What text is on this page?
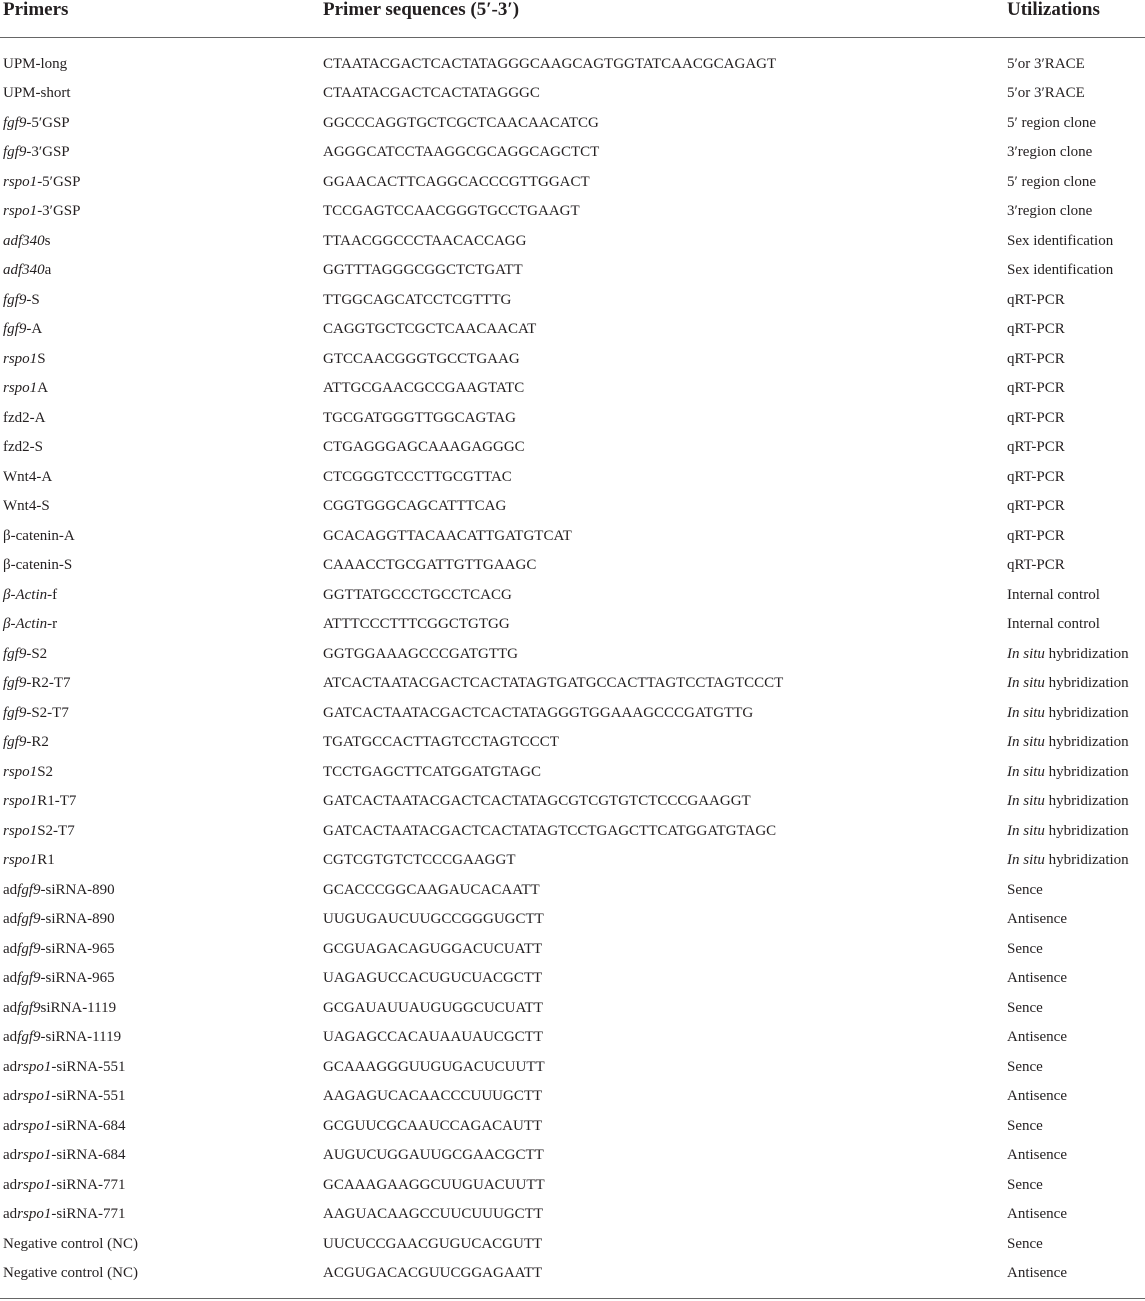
Primers	Primer sequences (5′-3′)	Utilizations
UPM-long	CTAATACGACTCACTATAGGGCAAGCAGTGGTATCAACGCAGAGT	5′or 3′RACE
UPM-short	CTAATACGACTCACTATAGGGC	5′or 3′RACE
fgf9-5′GSP	GGCCCAGGTGCTCGCTCAACAACATCG	5′ region clone
fgf9-3′GSP	AGGGCATCCTAAGGCGCAGGCAGCTCT	3′region clone
rspo1-5′GSP	GGAACACTTCAGGCACCCGTTGGACT	5′ region clone
rspo1-3′GSP	TCCGAGTCCAACGGGTGCCTGAAGT	3′region clone
adf340s	TTAACGGCCCTAACACCAGG	Sex identification
adf340a	GGTTTAGGGCGGCTCTGATT	Sex identification
fgf9-S	TTGGCAGCATCCTCGTTTG	qRT-PCR
fgf9-A	CAGGTGCTCGCTCAACAACAT	qRT-PCR
rspo1S	GTCCAACGGGTGCCTGAAG	qRT-PCR
rspo1A	ATTGCGAACGCCGAAGTATC	qRT-PCR
fzd2-A	TGCGATGGGTTGGCAGTAG	qRT-PCR
fzd2-S	CTGAGGGAGCAAAGAGGGC	qRT-PCR
Wnt4-A	CTCGGGTCCCTTGCGTTAC	qRT-PCR
Wnt4-S	CGGTGGGCAGCATTTCAG	qRT-PCR
β-catenin-A	GCACAGGTTACAACATTGATGTCAT	qRT-PCR
β-catenin-S	CAAACCTGCGATTGTTGAAGC	qRT-PCR
β-Actin-f	GGTTATGCCCTGCCTCACG	Internal control
β-Actin-r	ATTTCCCTTTCGGCTGTGG	Internal control
fgf9-S2	GGTGGAAAGCCCGATGTTG	In situ hybridization
fgf9-R2-T7	ATCACTAATACGACTCACTATAGTGATGCCACTTAGTCCTAGTCCCT	In situ hybridization
fgf9-S2-T7	GATCACTAATACGACTCACTATAGGGTGGAAAGCCCGATGTTG	In situ hybridization
fgf9-R2	TGATGCCACTTAGTCCTAGTCCCT	In situ hybridization
rspo1S2	TCCTGAGCTTCATGGATGTAGC	In situ hybridization
rspo1R1-T7	GATCACTAATACGACTCACTATAGCGTCGTGTCTCCCGAAGGT	In situ hybridization
rspo1S2-T7	GATCACTAATACGACTCACTATAGTCCTGAGCTTCATGGATGTAGC	In situ hybridization
rspo1R1	CGTCGTGTCTCCCGAAGGT	In situ hybridization
adfgf9-siRNA-890	GCACCCGGCAAGAUCACAATT	Sence
adfgf9-siRNA-890	UUGUGAUCUUGCCGGGUGCTT	Antisence
adfgf9-siRNA-965	GCGUAGACAGUGGACUCUATT	Sence
adfgf9-siRNA-965	UAGAGUCCACUGUCUACGCTT	Antisence
adfgf9siRNA-1119	GCGAUAUUAUGUGGCUCUATT	Sence
adfgf9-siRNA-1119	UAGAGCCACAUAAUAUCGCTT	Antisence
adrspo1-siRNA-551	GCAAAGGGUUGUGACUCUUTT	Sence
adrspo1-siRNA-551	AAGAGUCACAACCCUUUGCTT	Antisence
adrspo1-siRNA-684	GCGUUCGCAAUCCAGACAUTT	Sence
adrspo1-siRNA-684	AUGUCUGGAUUGCGAACGCTT	Antisence
adrspo1-siRNA-771	GCAAAGAAGGCUUGUACUUTT	Sence
adrspo1-siRNA-771	AAGUACAAGCCUUCUUUGCTT	Antisence
Negative control (NC)	UUCUCCGAACGUGUCACGUTT	Sence
Negative control (NC)	ACGUGACACGUUCGGAGAATT	Antisence
